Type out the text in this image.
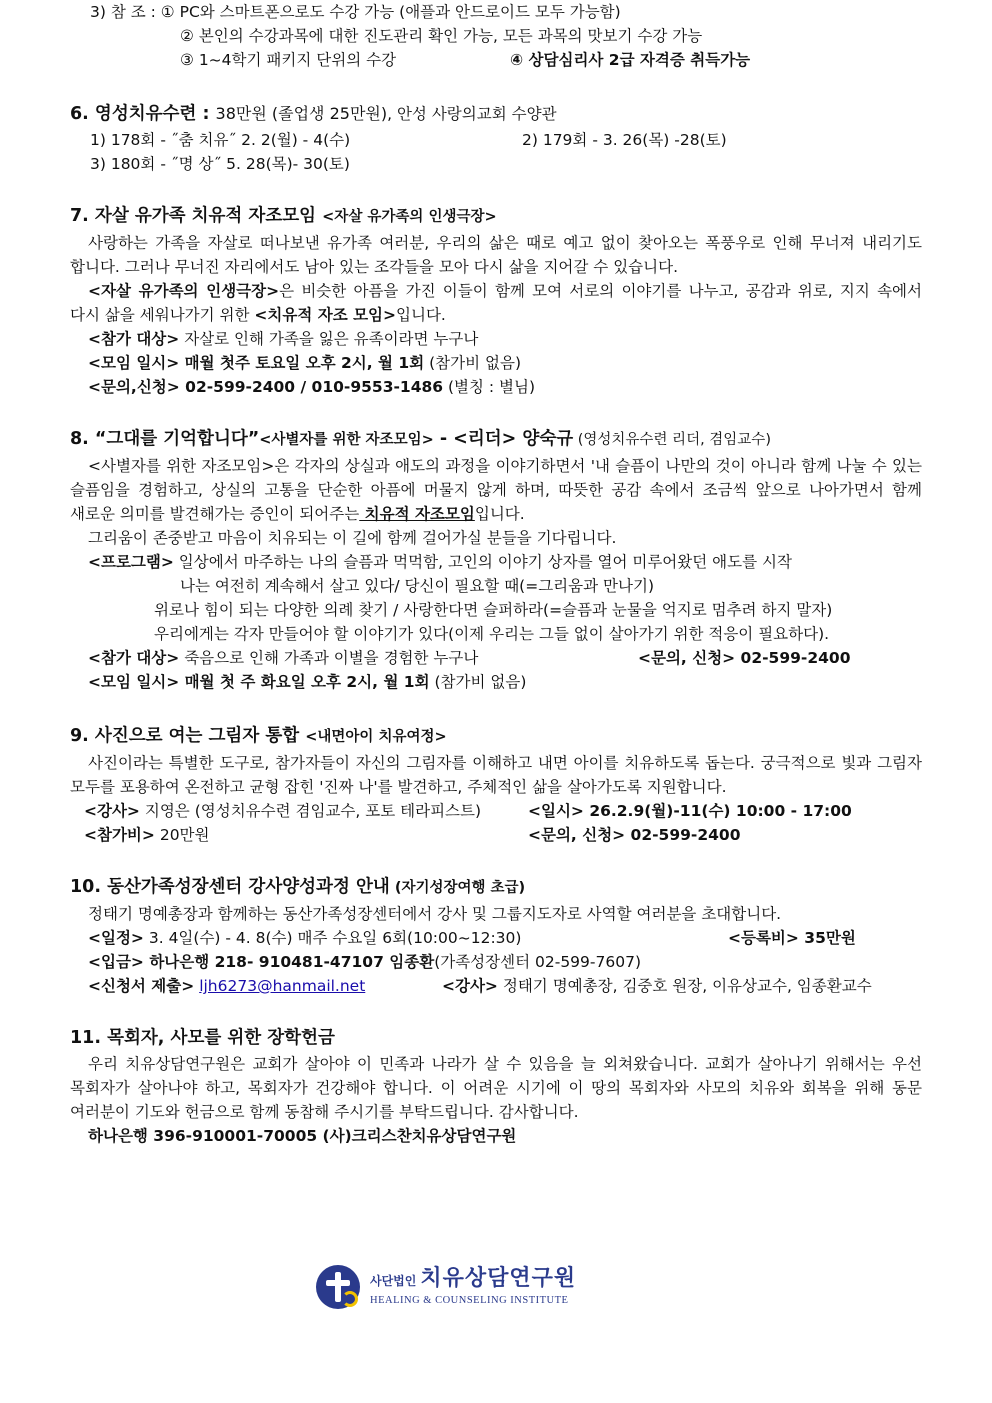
3) 참 조 : ① PC와 스마트폰으로도 수강 가능 (애플과 안드로이드 모두 가능함)
② 본인의 수강과목에 대한 진도관리 확인 가능, 모든 과목의 맛보기 수강 가능
③ 1~4학기 패키지 단위의 수강	④ 상담심리사 2급 자격증 취득가능
6. 영성치유수련 : 38만원 (졸업생 25만원), 안성 사랑의교회 수양관
1) 178회 - ˝춤 치유˝ 2. 2(월) - 4(수)	2) 179회 - 3. 26(목) -28(토)
3) 180회 - ˝명 상˝ 5. 28(목)- 30(토)
7. 자살 유가족 치유적 자조모임 <자살 유가족의 인생극장>
사랑하는 가족을 자살로 떠나보낸 유가족 여러분, 우리의 삶은 때로 예고 없이 찾아오는 폭풍우로 인해 무너져 내리기도 합니다. 그러나 무너진 자리에서도 남아 있는 조각들을 모아 다시 삶을 지어갈 수 있습니다.
<자살 유가족의 인생극장>은 비슷한 아픔을 가진 이들이 함께 모여 서로의 이야기를 나누고, 공감과 위로, 지지 속에서 다시 삶을 세워나가기 위한 <치유적 자조 모임>입니다.
<참가 대상> 자살로 인해 가족을 잃은 유족이라면 누구나
<모임 일시> 매월 첫주 토요일 오후 2시, 월 1회 (참가비 없음)
<문의,신청> 02-599-2400 / 010-9553-1486 (별칭 : 별님)
8. “그대를 기억합니다”<사별자를 위한 자조모임> - <리더> 양숙규 (영성치유수련 리더, 겸임교수)
<사별자를 위한 자조모임>은 각자의 상실과 애도의 과정을 이야기하면서 '내 슬픔이 나만의 것이 아니라 함께 나눌 수 있는 슬픔임을 경험하고, 상실의 고통을 단순한 아픔에 머물지 않게 하며, 따뜻한 공감 속에서 조금씩 앞으로 나아가면서 함께 새로운 의미를 발견해가는 증인이 되어주는 치유적 자조모임입니다.
그리움이 존중받고 마음이 치유되는 이 길에 함께 걸어가실 분들을 기다립니다.
<프로그램> 일상에서 마주하는 나의 슬픔과 먹먹함, 고인의 이야기 상자를 열어 미루어왔던 애도를 시작
나는 여전히 계속해서 살고 있다/ 당신이 필요할 때(=그리움과 만나기)
위로나 힘이 되는 다양한 의례 찾기 / 사랑한다면 슬퍼하라(=슬픔과 눈물을 억지로 멈추려 하지 말자)
우리에게는 각자 만들어야 할 이야기가 있다(이제 우리는 그들 없이 살아가기 위한 적응이 필요하다).
<참가 대상> 죽음으로 인해 가족과 이별을 경험한 누구나	<문의, 신청> 02-599-2400
<모임 일시> 매월 첫 주 화요일 오후 2시, 월 1회 (참가비 없음)
9. 사진으로 여는 그림자 통합 <내면아이 치유여정>
사진이라는 특별한 도구로, 참가자들이 자신의 그림자를 이해하고 내면 아이를 치유하도록 돕는다. 궁극적으로 빛과 그림자 모두를 포용하여 온전하고 균형 잡힌 '진짜 나'를 발견하고, 주체적인 삶을 살아가도록 지원합니다.
<강사> 지영은 (영성치유수련 겸임교수, 포토 테라피스트)	<일시> 26.2.9(월)-11(수) 10:00 - 17:00
<참가비> 20만원	<문의, 신청> 02-599-2400
10. 동산가족성장센터 강사양성과정 안내 (자기성장여행 초급)
정태기 명예총장과 함께하는 동산가족성장센터에서 강사 및 그룹지도자로 사역할 여러분을 초대합니다.
<일정> 3. 4일(수) - 4. 8(수) 매주 수요일 6회(10:00~12:30)	<등록비> 35만원
<입금> 하나은행 218- 910481-47107 임종환(가족성장센터 02-599-7607)
<신청서 제출> ljh6273@hanmail.net	<강사> 정태기 명예총장, 김중호 원장, 이유상교수, 임종환교수
11. 목회자, 사모를 위한 장학헌금
우리 치유상담연구원은 교회가 살아야 이 민족과 나라가 살 수 있음을 늘 외쳐왔습니다. 교회가 살아나기 위해서는 우선 목회자가 살아나야 하고, 목회자가 건강해야 합니다. 이 어려운 시기에 이 땅의 목회자와 사모의 치유와 회복을 위해 동문 여러분이 기도와 헌금으로 함께 동참해 주시기를 부탁드립니다. 감사합니다.
하나은행 396-910001-70005 (사)크리스찬치유상담연구원
사단법인 치유상담연구원
HEALING & COUNSELING INSTITUTE
